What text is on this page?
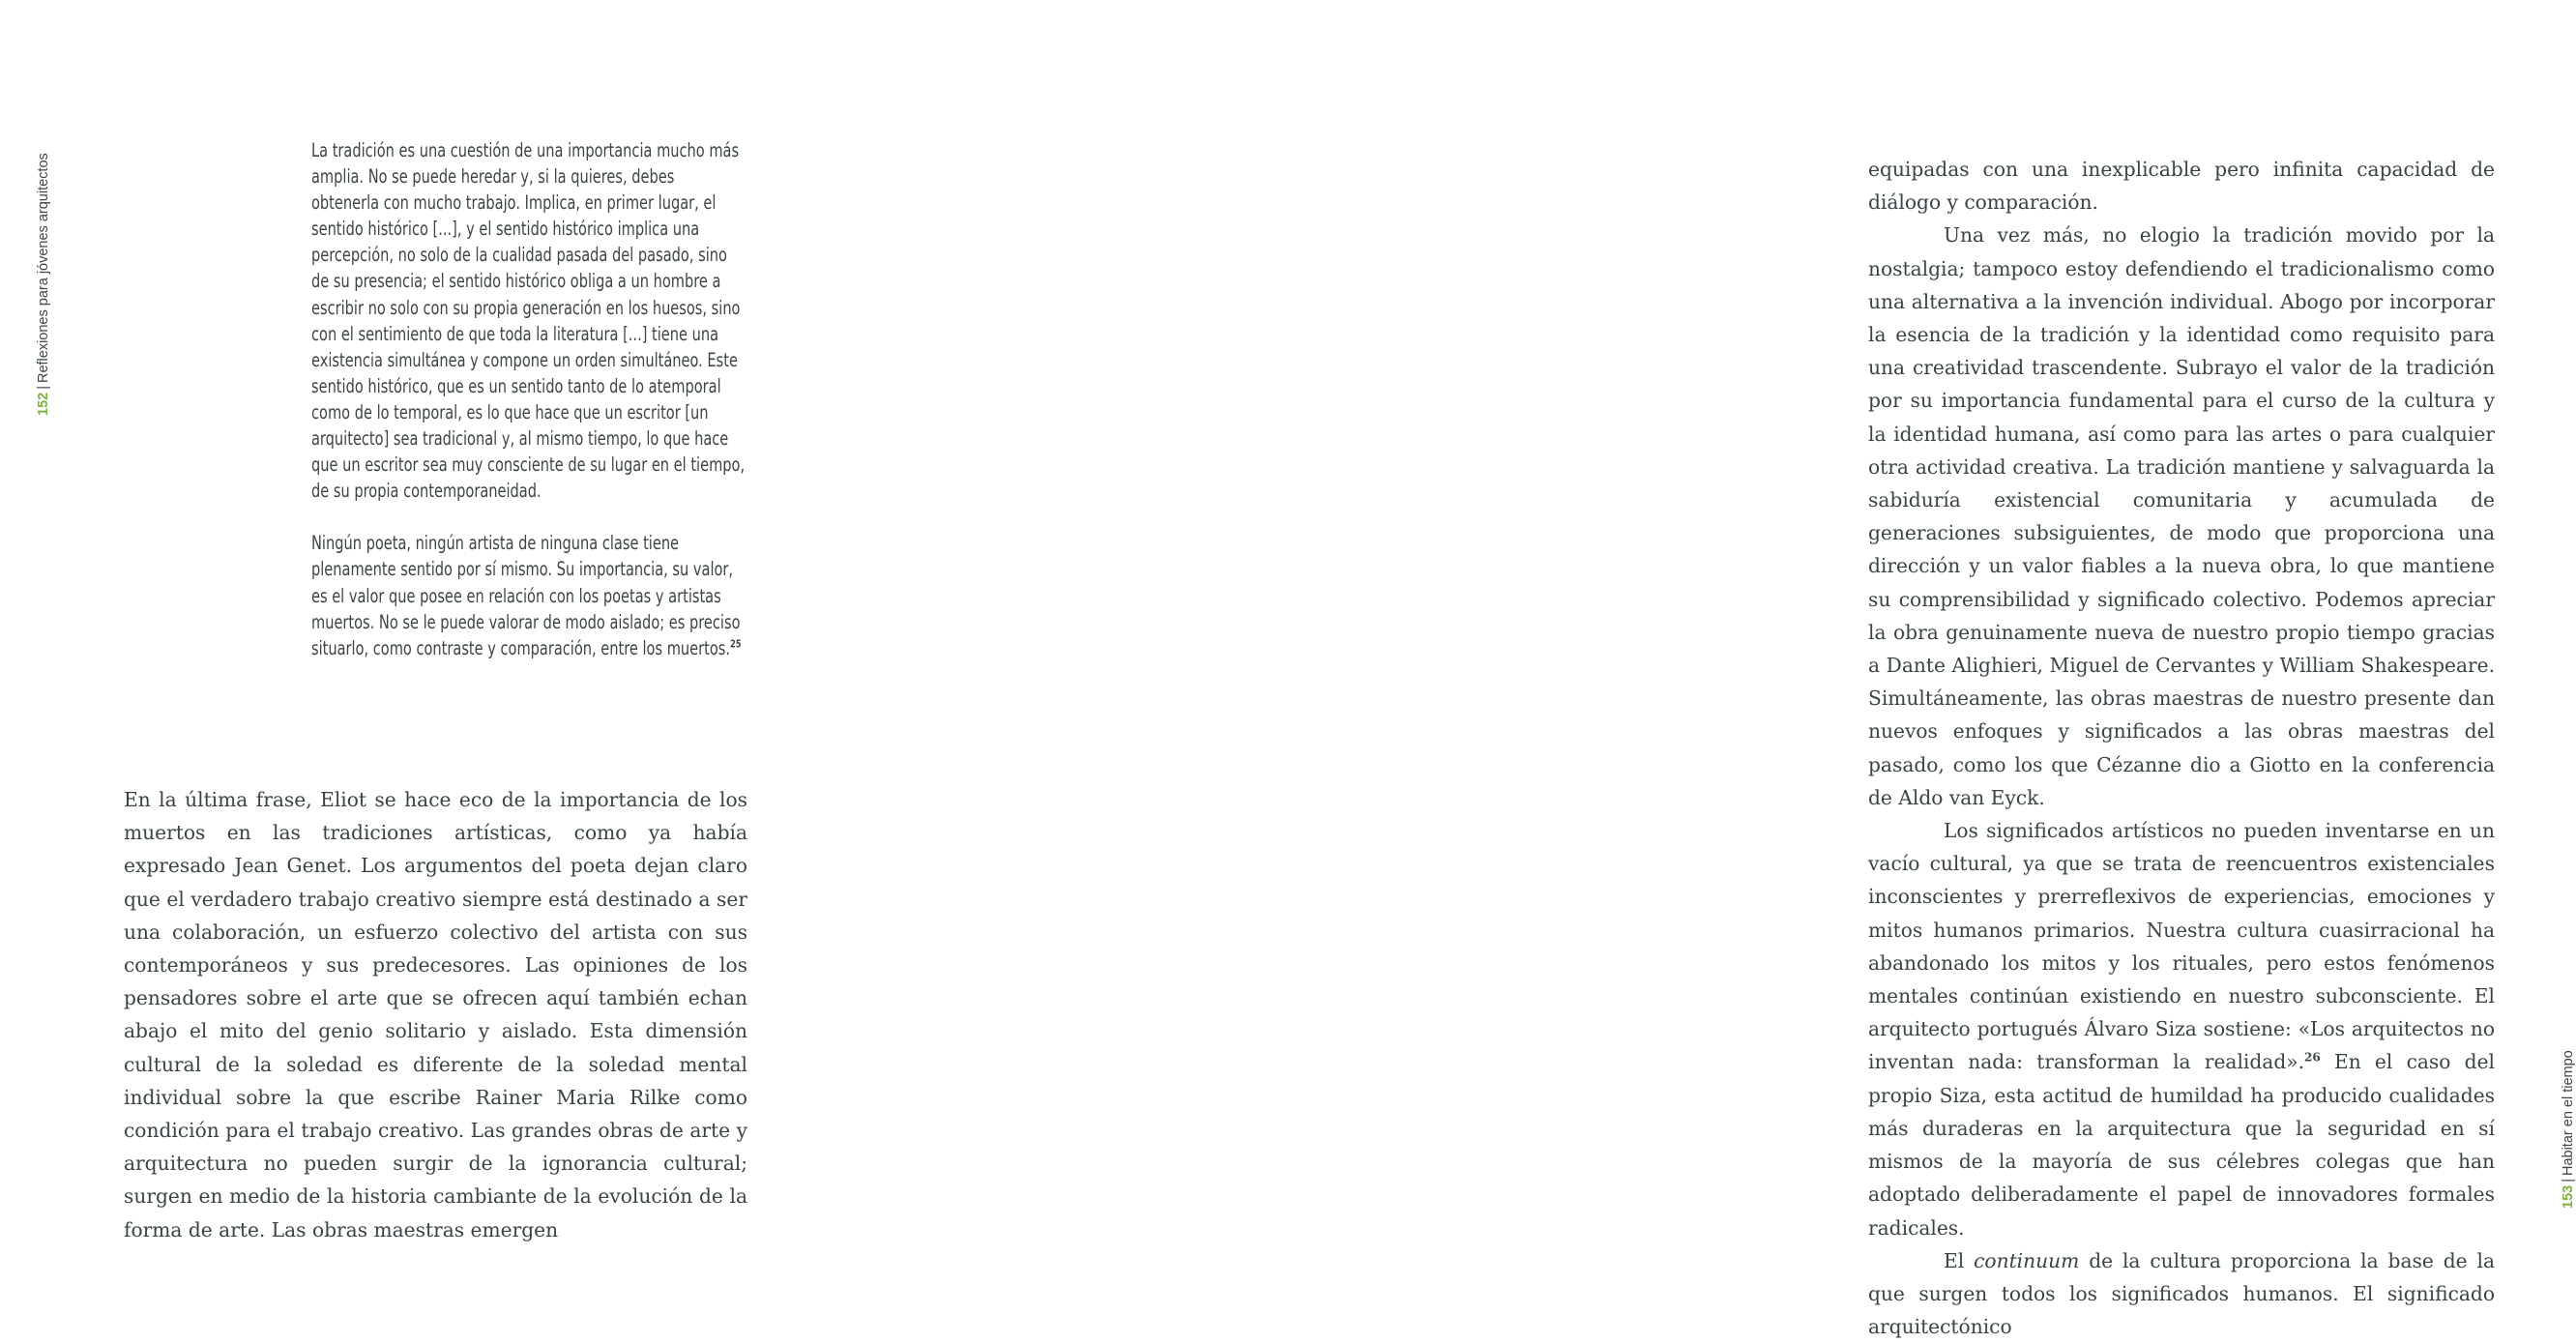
152|Reflexiones para jóvenes arquitectos

La tradición es una cuestión de una importancia mucho más amplia. No se puede heredar y, si la quieres, debes obtenerla con mucho trabajo. Implica, en primer lugar, el sentido histórico [...], y el sentido histórico implica una percepción, no solo de la cualidad pasada del pasado, sino de su presencia; el sentido histórico obliga a un hombre a escribir no solo con su propia generación en los huesos, sino con el sentimiento de que toda la literatura [...] tiene una existencia simultánea y compone un orden simultáneo. Este sentido histórico, que es un sentido tanto de lo atemporal como de lo temporal, es lo que hace que un escritor [un arquitecto] sea tradicional y, al mismo tiempo, lo que hace que un escritor sea muy consciente de su lugar en el tiempo, de su propia contemporaneidad.

Ningún poeta, ningún artista de ninguna clase tiene plenamente sentido por sí mismo. Su importancia, su valor, es el valor que posee en relación con los poetas y artistas muertos. No se le puede valorar de modo aislado; es preciso situarlo, como contraste y comparación, entre los muertos.$^{25}$

En la última frase, Eliot se hace eco de la importancia de los muertos en las tradiciones artísticas, como ya había expresado Jean Genet. Los argumentos del poeta dejan claro que el verdadero trabajo creativo siempre está destinado a ser una colaboración, un esfuerzo colectivo del artista con sus contemporáneos y sus predecesores. Las opiniones de los pensadores sobre el arte que se ofrecen aquí también echan abajo el mito del genio solitario y aislado. Esta dimensión cultural de la soledad es diferente de la soledad mental individual sobre la que escribe Rainer Maria Rilke como condición para el trabajo creativo. Las grandes obras de arte y arquitectura no pueden surgir de la ignorancia cultural; surgen en medio de la historia cambiante de la evolución de la forma de arte. Las obras maestras emergen

equipadas con una inexplicable pero infinita capacidad de diálogo y comparación.

Una vez más, no elogio la tradición movido por la nostalgia; tampoco estoy defendiendo el tradicionalismo como una alternativa a la invención individual. Abogo por incorporar la esencia de la tradición y la identidad como requisito para una creatividad trascendente. Subrayo el valor de la tradición por su importancia fundamental para el curso de la cultura y la identidad humana, así como para las artes o para cualquier otra actividad creativa. La tradición mantiene y salvaguarda la sabiduría existencial comunitaria y acumulada de generaciones subsiguientes, de modo que proporciona una dirección y un valor fiables a la nueva obra, lo que mantiene su comprensibilidad y significado colectivo. Podemos apreciar la obra genuinamente nueva de nuestro propio tiempo gracias a Dante Alighieri, Miguel de Cervantes y William Shakespeare. Simultáneamente, las obras maestras de nuestro presente dan nuevos enfoques y significados a las obras maestras del pasado, como los que Cézanne dio a Giotto en la conferencia de Aldo van Eyck.

Los significados artísticos no pueden inventarse en un vacío cultural, ya que se trata de reencuentros existenciales inconscientes y prerreflexivos de experiencias, emociones y mitos humanos primarios. Nuestra cultura cuasirracional ha abandonado los mitos y los rituales, pero estos fenómenos mentales continúan existiendo en nuestro subconsciente. El arquitecto portugués Álvaro Siza sostiene: «Los arquitectos no inventan nada: transforman la realidad».$^{26}$ En el caso del propio Siza, esta actitud de humildad ha producido cualidades más duraderas en la arquitectura que la seguridad en sí mismos de la mayoría de sus célebres colegas que han adoptado deliberadamente el papel de innovadores formales radicales.

El continuum de la cultura proporciona la base de la que surgen todos los significados humanos. El significado arquitectónico

153|Habitar en el tiempo
